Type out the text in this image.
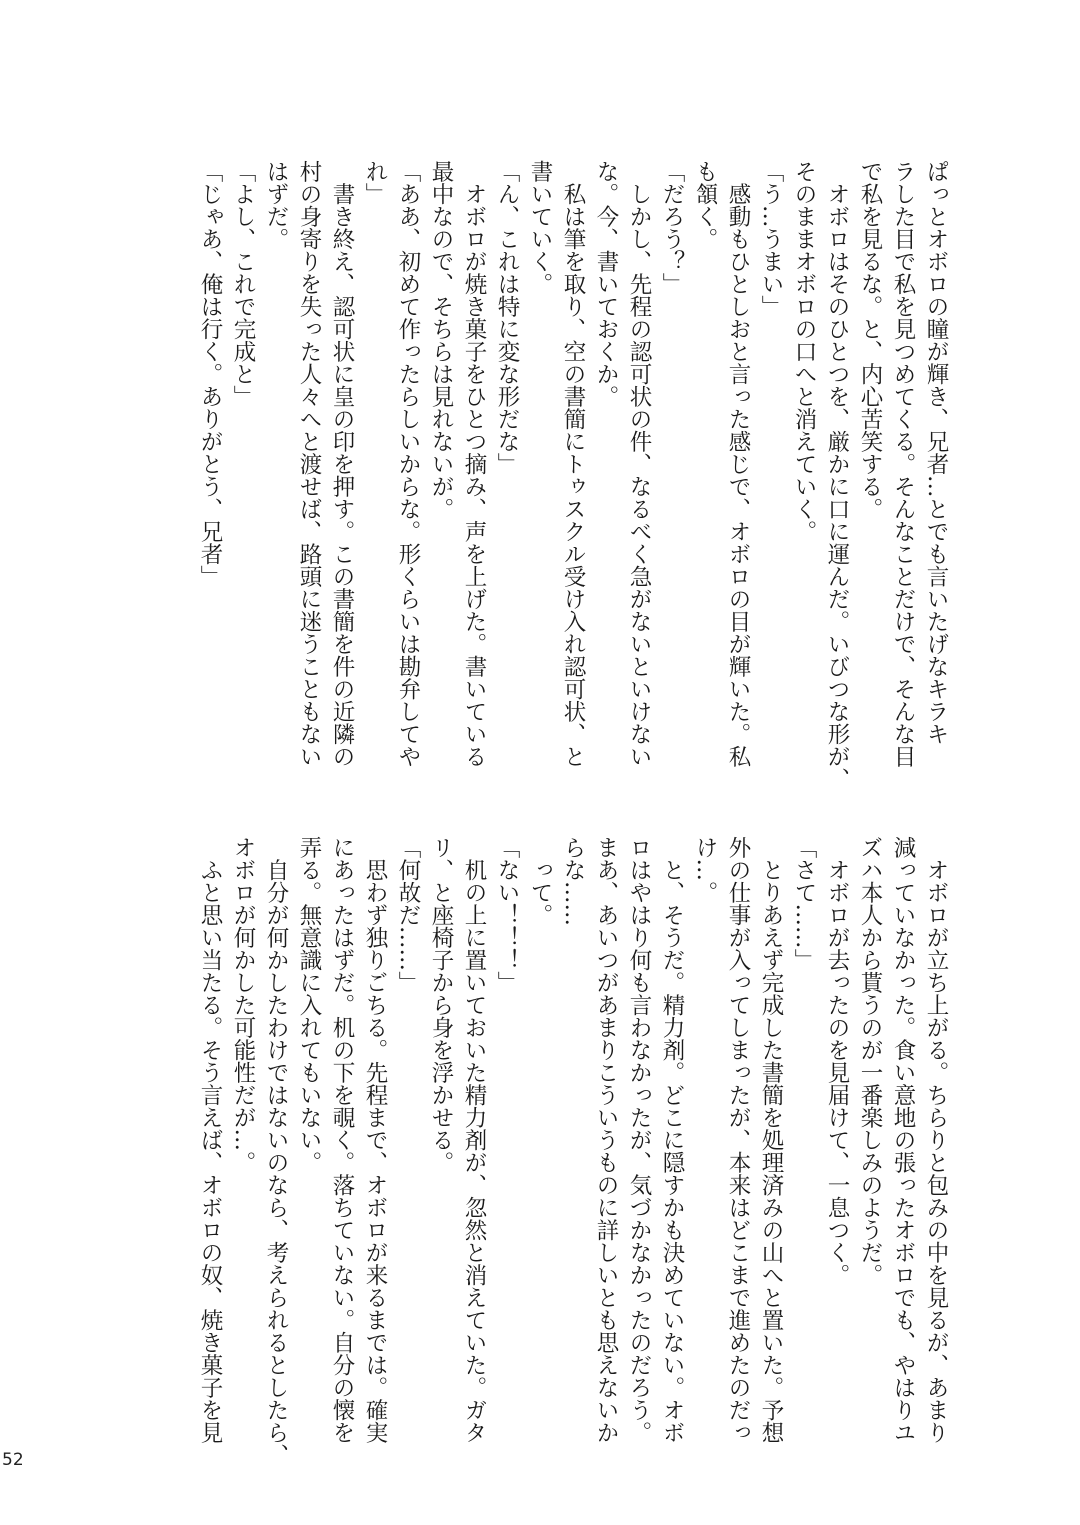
ぱっとオボロの瞳が輝き、兄者…とでも言いたげなキラキ
ラした目で私を見つめてくる。そんなことだけで、そんな目
で私を見るな。と、内心苦笑する。
　オボロはそのひとつを、厳かに口に運んだ。いびつな形が、
そのままオボロの口へと消えていく。
「う…うまい」
　感動もひとしおと言った感じで、オボロの目が輝いた。私
も頷く。
「だろう？」
　しかし、先程の認可状の件、なるべく急がないといけない
な。今、書いておくか。
　私は筆を取り、空の書簡にトゥスクル受け入れ認可状、と
書いていく。
「ん、これは特に変な形だな」
　オボロが焼き菓子をひとつ摘み、声を上げた。書いている
最中なので、そちらは見れないが。
「ああ、初めて作ったらしいからな。形くらいは勘弁してや
れ」
　書き終え、認可状に皇の印を押す。この書簡を件の近隣の
村の身寄りを失った人々へと渡せば、路頭に迷うこともない
はずだ。
「よし、これで完成と」
「じゃあ、俺は行く。ありがとう、兄者」
　オボロが立ち上がる。ちらりと包みの中を見るが、あまり
減っていなかった。食い意地の張ったオボロでも、やはりユ
ズハ本人から貰うのが一番楽しみのようだ。
　オボロが去ったのを見届けて、一息つく。
「さて……」
　とりあえず完成した書簡を処理済みの山へと置いた。予想
外の仕事が入ってしまったが、本来はどこまで進めたのだっ
け…。
　と、そうだ。精力剤。どこに隠すかも決めていない。オボ
ロはやはり何も言わなかったが、気づかなかったのだろう。
まあ、あいつがあまりこういうものに詳しいとも思えないか
らな……
　って。
「ない！！！」
　机の上に置いておいた精力剤が、忽然と消えていた。ガタ
リ、と座椅子から身を浮かせる。
「何故だ……」
　思わず独りごちる。先程まで、オボロが来るまでは。確実
にあったはずだ。机の下を覗く。落ちていない。自分の懐を
弄る。無意識に入れてもいない。
　自分が何かしたわけではないのなら、考えられるとしたら、
オボロが何かした可能性だが…。
　ふと思い当たる。そう言えば、オボロの奴、焼き菓子を見
52
